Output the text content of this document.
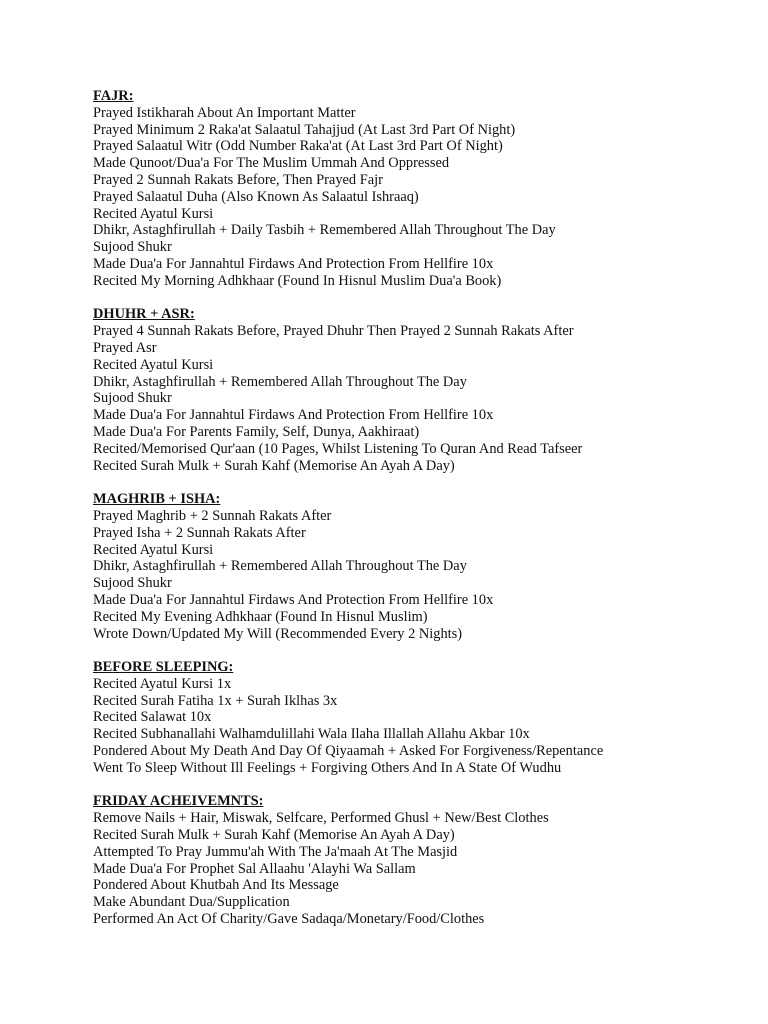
FAJR:
Prayed Istikharah About An Important Matter
Prayed Minimum 2 Raka'at Salaatul Tahajjud (At Last 3rd Part Of Night)
Prayed Salaatul Witr (Odd Number Raka'at (At Last 3rd Part Of Night)
Made Qunoot/Dua'a For The Muslim Ummah And Oppressed
Prayed 2 Sunnah Rakats Before, Then Prayed Fajr
Prayed Salaatul Duha (Also Known As Salaatul Ishraaq)
Recited Ayatul Kursi
Dhikr, Astaghfirullah + Daily Tasbih + Remembered Allah Throughout The Day
Sujood Shukr
Made Dua'a For Jannahtul Firdaws And Protection From Hellfire 10x
Recited My Morning Adhkhaar (Found In Hisnul Muslim Dua'a Book)
DHUHR + ASR:
Prayed 4 Sunnah Rakats Before, Prayed Dhuhr Then Prayed 2 Sunnah Rakats After
Prayed Asr
Recited Ayatul Kursi
Dhikr, Astaghfirullah + Remembered Allah Throughout The Day
Sujood Shukr
Made Dua'a For Jannahtul Firdaws And Protection From Hellfire 10x
Made Dua'a For Parents Family, Self, Dunya, Aakhiraat)
Recited/Memorised Qur'aan (10 Pages, Whilst Listening To Quran And Read Tafseer
Recited Surah Mulk + Surah Kahf (Memorise An Ayah A Day)
MAGHRIB + ISHA:
Prayed Maghrib + 2 Sunnah Rakats After
Prayed Isha + 2 Sunnah Rakats After
Recited Ayatul Kursi
Dhikr, Astaghfirullah + Remembered Allah Throughout The Day
Sujood Shukr
Made Dua'a For Jannahtul Firdaws And Protection From Hellfire 10x
Recited My Evening Adhkhaar (Found In Hisnul Muslim)
Wrote Down/Updated My Will (Recommended Every 2 Nights)
BEFORE SLEEPING:
Recited Ayatul Kursi 1x
Recited Surah Fatiha 1x + Surah Iklhas 3x
Recited Salawat 10x
Recited Subhanallahi Walhamdulillahi Wala Ilaha Illallah Allahu Akbar 10x
Pondered About My Death And Day Of Qiyaamah + Asked For Forgiveness/Repentance
Went To Sleep Without Ill Feelings + Forgiving Others And In A State Of Wudhu
FRIDAY ACHEIVEMNTS:
Remove Nails + Hair, Miswak, Selfcare, Performed Ghusl + New/Best Clothes
Recited Surah Mulk + Surah Kahf (Memorise An Ayah A Day)
Attempted To Pray Jummu'ah With The Ja'maah At The Masjid
Made Dua'a For Prophet Sal Allaahu 'Alayhi Wa Sallam
Pondered About Khutbah And Its Message
Make Abundant Dua/Supplication
Performed An Act Of Charity/Gave Sadaqa/Monetary/Food/Clothes
